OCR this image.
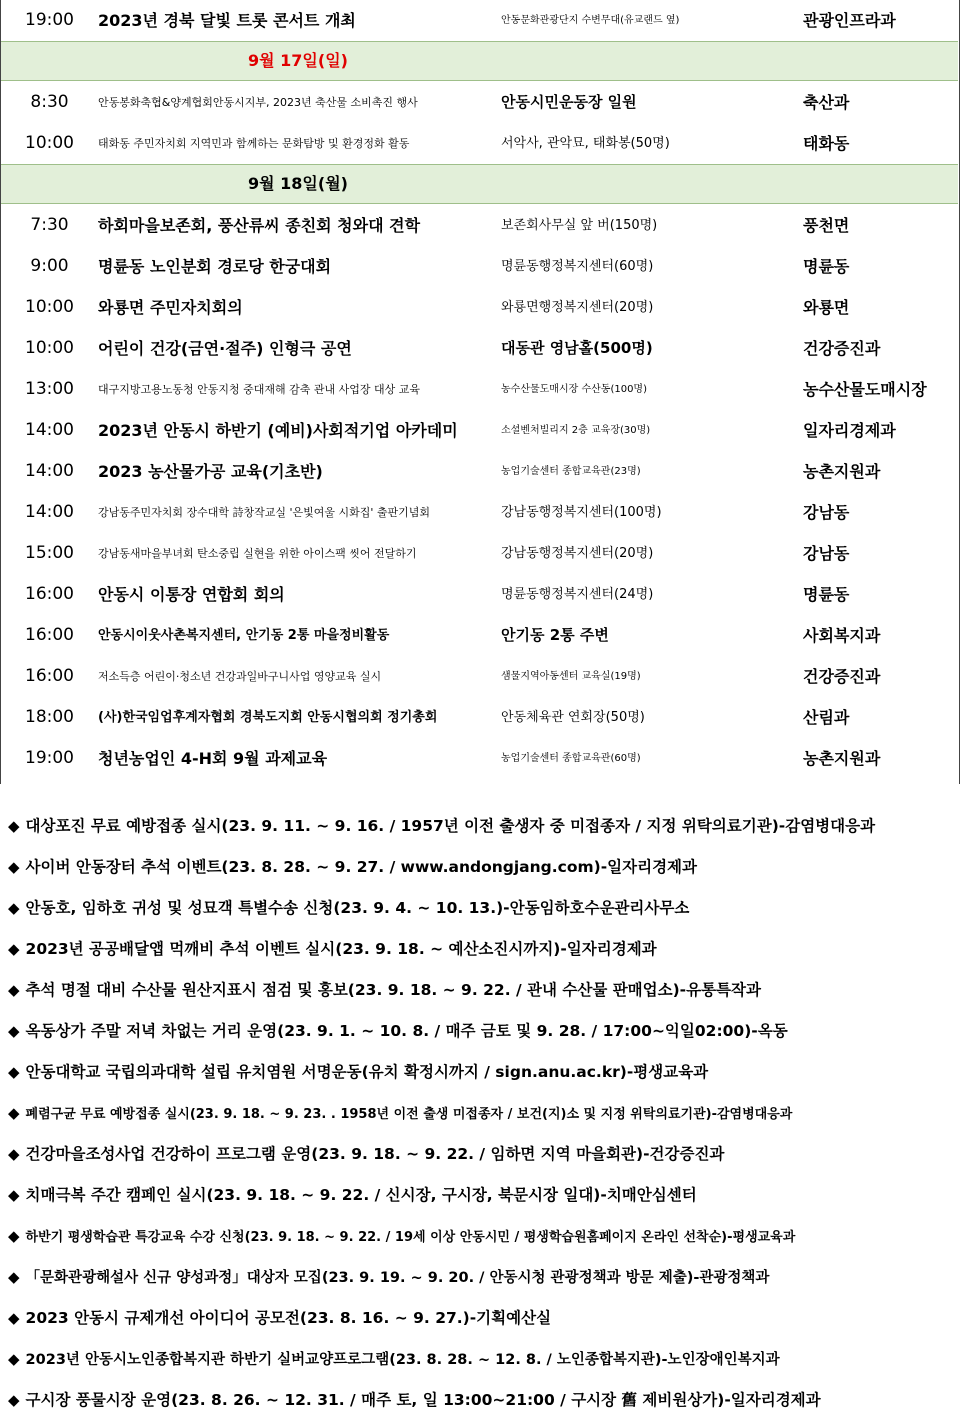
19:00	2023년 경북 달빛 트롯 콘서트 개최	안동문화관광단지 수변무대(유교랜드 옆)	관광인프라과
9월 17일(일)
8:30	안동봉화축협&양계협회안동시지부, 2023년 축산물 소비촉진 행사	안동시민운동장 일원	축산과
10:00	태화동 주민자치회 지역민과 함께하는 문화탐방 및 환경정화 활동	서악사, 관악묘, 태화봉(50명)	태화동
9월 18일(월)
7:30	하회마을보존회, 풍산류씨 종친회 청와대 견학	보존회사무실 앞 버(150명)	풍천면
9:00	명륜동 노인분회 경로당 한궁대회	명륜동행정복지센터(60명)	명륜동
10:00	와룡면 주민자치회의	와룡면행정복지센터(20명)	와룡면
10:00	어린이 건강(금연·절주) 인형극 공연	대동관 영남홀(500명)	건강증진과
13:00	대구지방고용노동청 안동지청 중대재해 감축 관내 사업장 대상 교육	농수산물도매시장 수산동(100명)	농수산물도매시장
14:00	2023년 안동시 하반기 (예비)사회적기업 아카데미	소셜벤처빌리지 2층 교육장(30명)	일자리경제과
14:00	2023 농산물가공 교육(기초반)	농업기술센터 종합교육관(23명)	농촌지원과
14:00	강남동주민자치회 장수대학 詩창작교실 '은빛여울 시화집' 출판기념회	강남동행정복지센터(100명)	강남동
15:00	강남동새마을부녀회 탄소중립 실현을 위한 아이스팩 씻어 전달하기	강남동행정복지센터(20명)	강남동
16:00	안동시 이통장 연합회 회의	명륜동행정복지센터(24명)	명륜동
16:00	안동시이웃사촌복지센터, 안기동 2통 마을정비활동	안기동 2통 주변	사회복지과
16:00	저소득층 어린이·청소년 건강과일바구니사업 영양교육 실시	샘물지역아동센터 교육실(19명)	건강증진과
18:00	(사)한국임업후계자협회 경북도지회 안동시협의회 정기총회	안동체육관 연회장(50명)	산림과
19:00	청년농업인 4-H회 9월 과제교육	농업기술센터 종합교육관(60명)	농촌지원과
◆ 대상포진 무료 예방접종 실시(23. 9. 11. ~ 9. 16. / 1957년 이전 출생자 중 미접종자 / 지정 위탁의료기관)-감염병대응과
◆ 사이버 안동장터 추석 이벤트(23. 8. 28. ~ 9. 27. / www.andongjang.com)-일자리경제과
◆ 안동호, 임하호 귀성 및 성묘객 특별수송 신청(23. 9. 4. ~ 10. 13.)-안동임하호수운관리사무소
◆ 2023년 공공배달앱 먹깨비 추석 이벤트 실시(23. 9. 18. ~ 예산소진시까지)-일자리경제과
◆ 추석 명절 대비 수산물 원산지표시 점검 및 홍보(23. 9. 18. ~ 9. 22. / 관내 수산물 판매업소)-유통특작과
◆ 옥동상가 주말 저녁 차없는 거리 운영(23. 9. 1. ~ 10. 8. / 매주 금토 및 9. 28. / 17:00~익일02:00)-옥동
◆ 안동대학교 국립의과대학 설립 유치염원 서명운동(유치 확정시까지 / sign.anu.ac.kr)-평생교육과
◆ 폐렴구균 무료 예방접종 실시(23. 9. 18. ~ 9. 23. . 1958년 이전 출생 미접종자 / 보건(지)소 및 지정 위탁의료기관)-감염병대응과
◆ 건강마을조성사업 건강하이 프로그램 운영(23. 9. 18. ~ 9. 22. / 임하면 지역 마을회관)-건강증진과
◆ 치매극복 주간 캠페인 실시(23. 9. 18. ~ 9. 22. / 신시장, 구시장, 북문시장 일대)-치매안심센터
◆ 하반기 평생학습관 특강교육 수강 신청(23. 9. 18. ~ 9. 22. / 19세 이상 안동시민 / 평생학습원홈페이지 온라인 선착순)-평생교육과
◆ 「문화관광해설사 신규 양성과정」대상자 모집(23. 9. 19. ~ 9. 20. / 안동시청 관광정책과 방문 제출)-관광정책과
◆ 2023 안동시 규제개선 아이디어 공모전(23. 8. 16. ~ 9. 27.)-기획예산실
◆ 2023년 안동시노인종합복지관 하반기 실버교양프로그램(23. 8. 28. ~ 12. 8. / 노인종합복지관)-노인장애인복지과
◆ 구시장 풍물시장 운영(23. 8. 26. ~ 12. 31. / 매주 토, 일 13:00~21:00 / 구시장 舊 제비원상가)-일자리경제과
